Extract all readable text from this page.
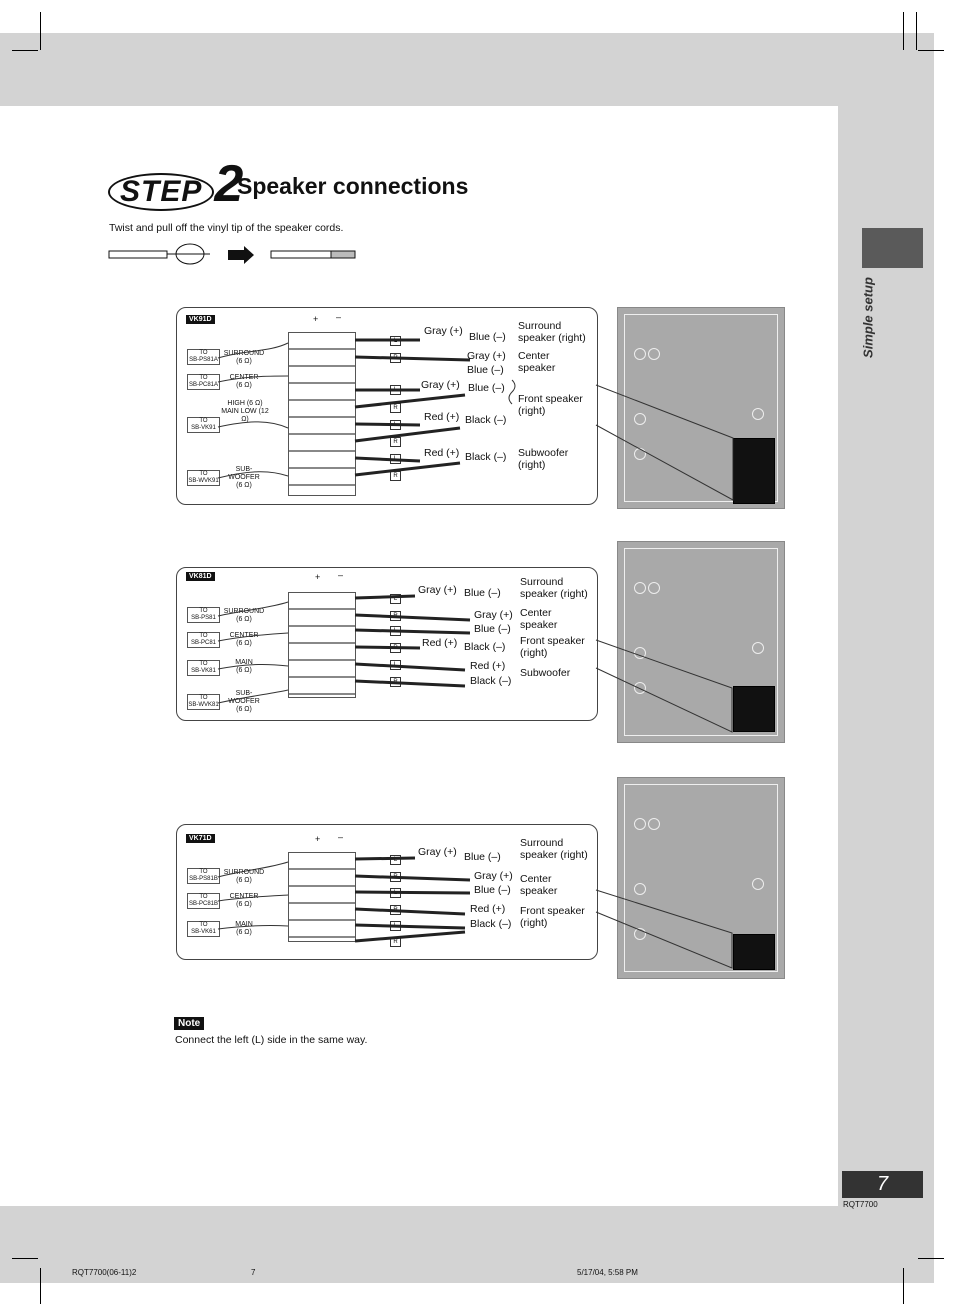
STEP 2
Speaker connections
Twist and pull off the vinyl tip of the speaker cords.
Simple setup
VK91D
TO
SB-PS81A
SURROUND
(6 Ω)
TO
SB-PC81A
CENTER
(6 Ω)
TO
SB-VK91
HIGH (6 Ω) MAIN LOW (12 Ω)
TO
SB-WVK91
SUB-WOOFER
(6 Ω)
+ –
L
R
L
R
L
R
L
R
Gray (+) Blue (–)
Surround speaker (right)
Gray (+)
Blue (–)
Center speaker
Gray (+) Blue (–)
Front speaker (right)
Red (+) Black (–)
Red (+) Black (–) Subwoofer (right)
VK81D
TO
SB-PS81
SURROUND
(6 Ω)
TO
SB-PC81
CENTER
(6 Ω)
TO
SB-VK81
MAIN
(6 Ω)
TO
SB-WVK81
SUB-WOOFER
(6 Ω)
+ –
L
R
L
R
L
R
Gray (+) Blue (–)
Surround speaker (right)
Gray (+)
Blue (–)
Center speaker
Red (+) Black (–) Front speaker (right)
Red (+)
Black (–)
Subwoofer
VK71D
TO
SB-PS81B
SURROUND
(6 Ω)
TO
SB-PC81B
CENTER
(6 Ω)
TO
SB-VK61
MAIN
(6 Ω)
+ –
L
R
L
R
L
R
Gray (+) Blue (–)
Surround speaker (right)
Gray (+)
Blue (–)
Center speaker
Red (+)
Black (–)
Front speaker (right)
Note
Connect the left (L) side in the same way.
7
RQT7700
RQT7700(06-11)2	7	5/17/04, 5:58 PM
